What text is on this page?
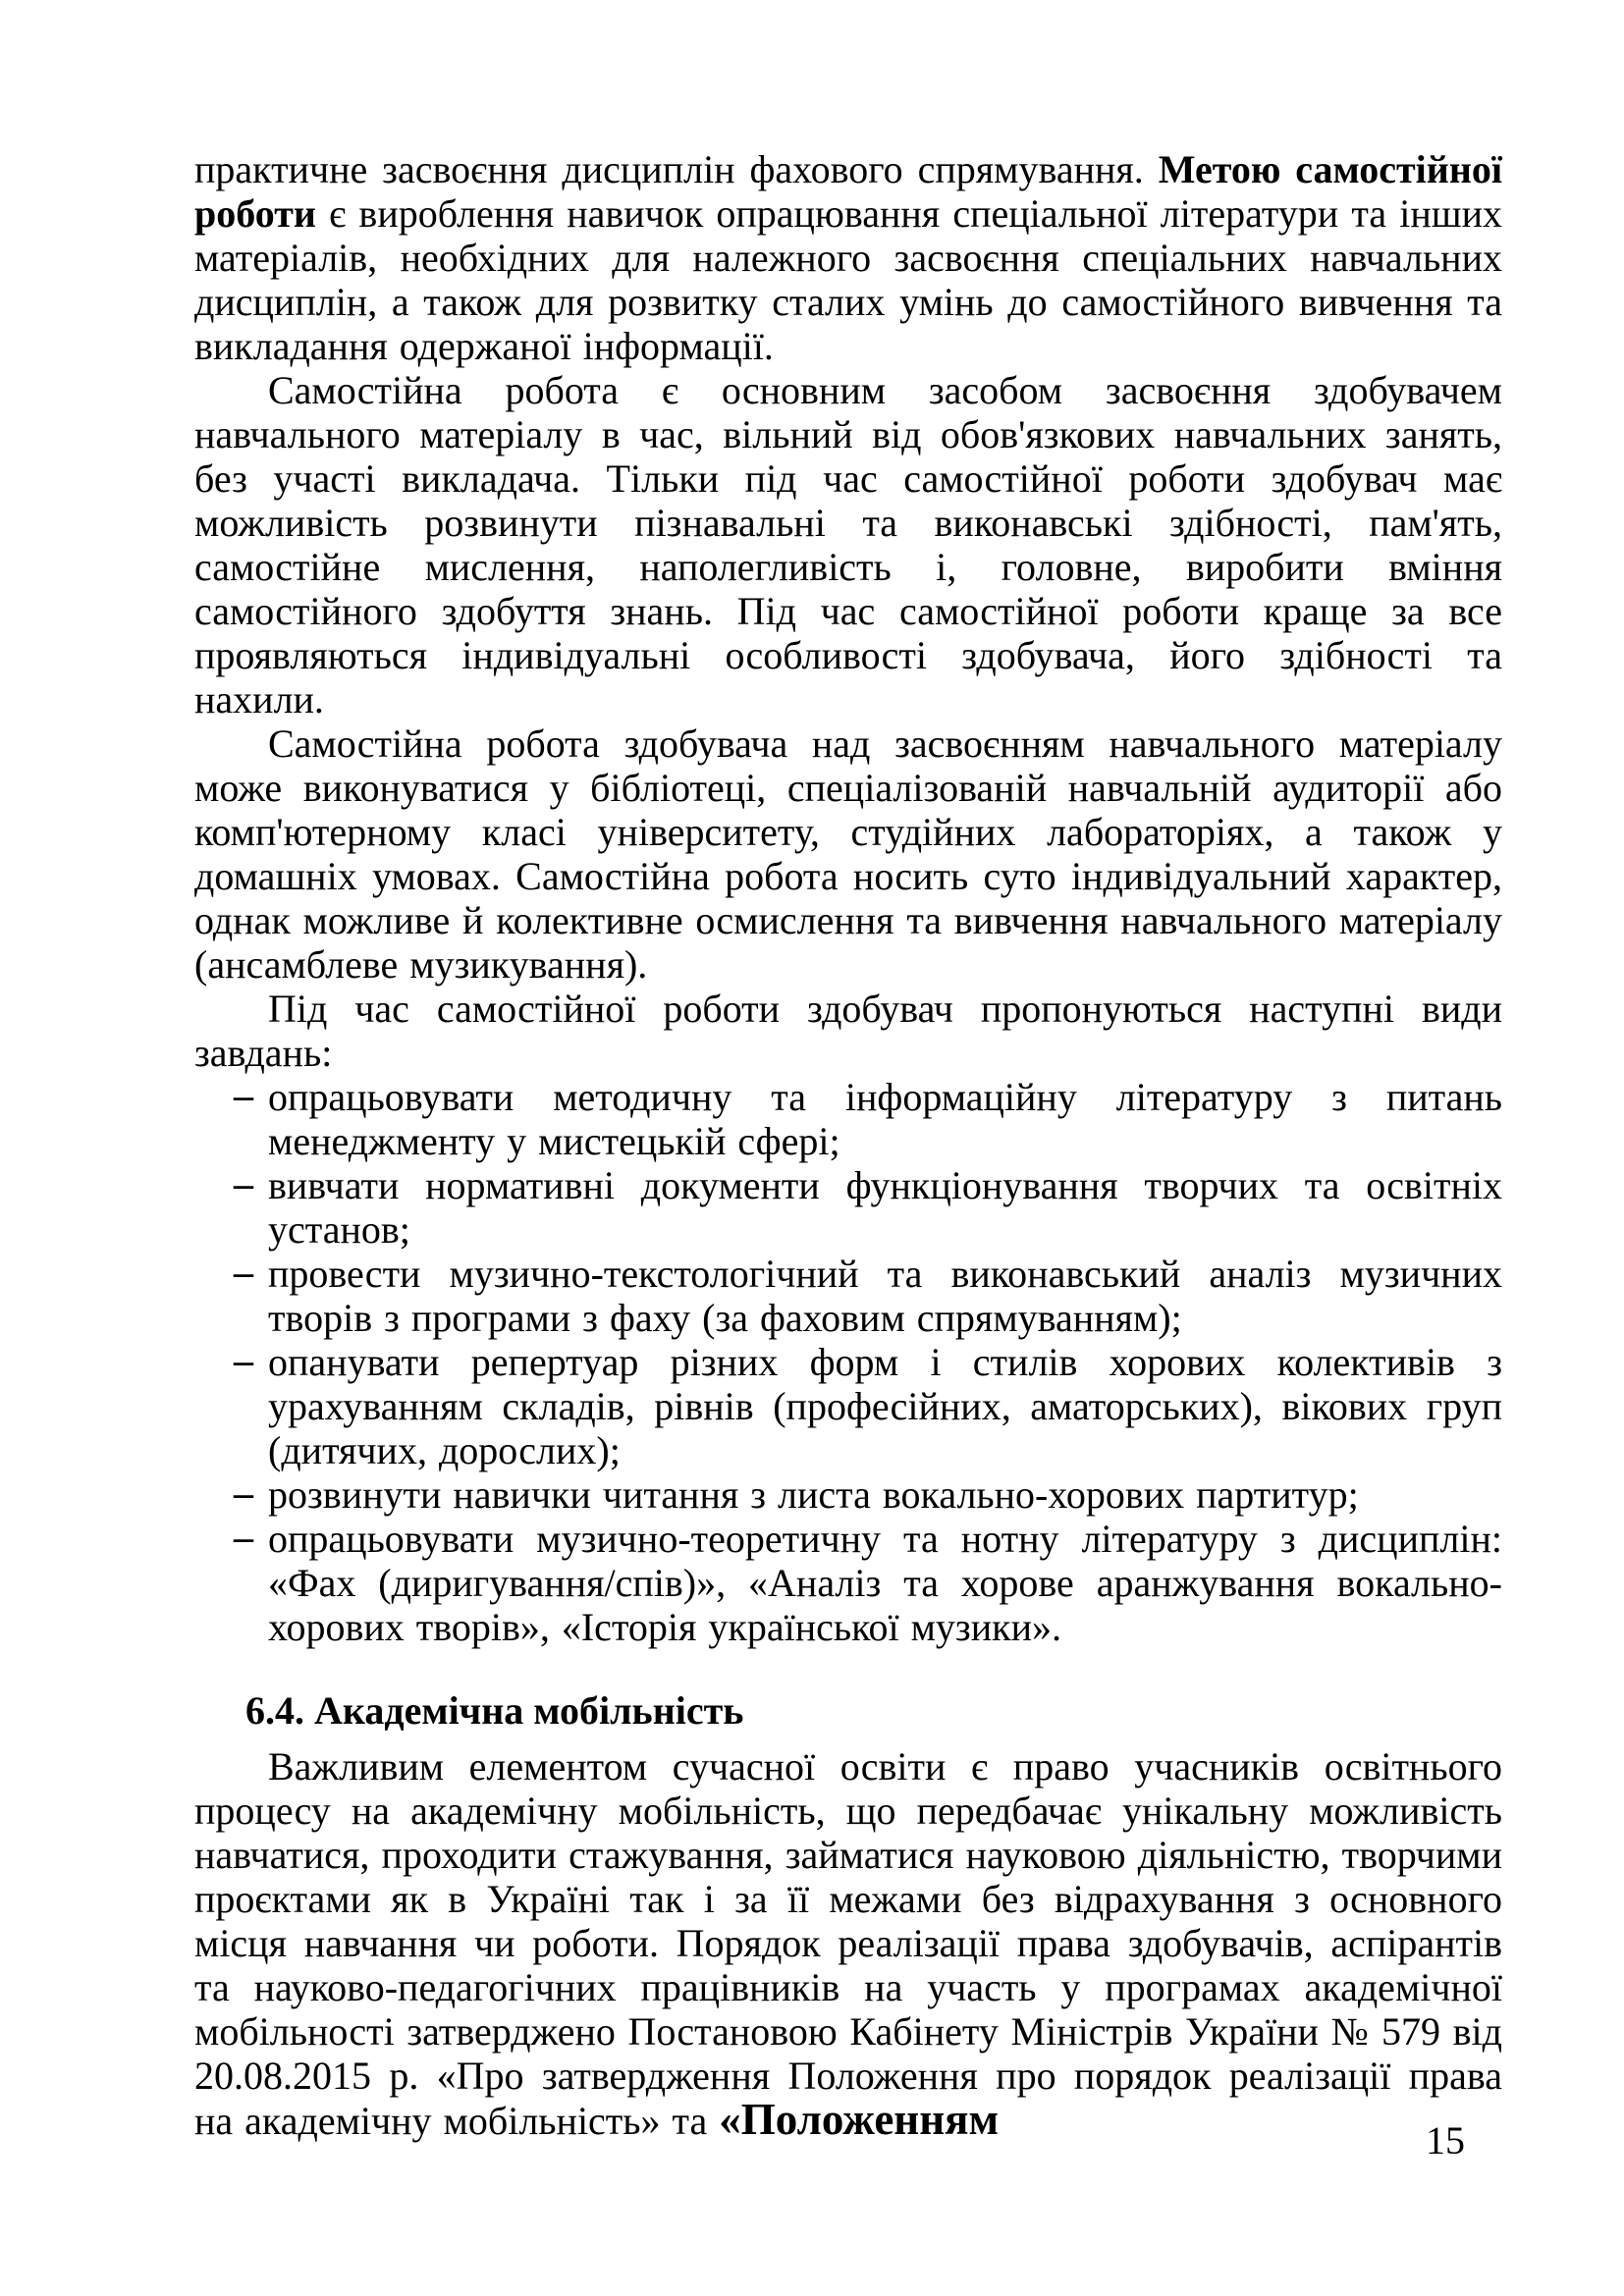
практичне засвоєння дисциплін фахового спрямування. Метою самостійної роботи є вироблення навичок опрацювання спеціальної літератури та інших матеріалів, необхідних для належного засвоєння спеціальних навчальних дисциплін, а також для розвитку сталих умінь до самостійного вивчення та викладання одержаної інформації.

Самостійна робота є основним засобом засвоєння здобувачем навчального матеріалу в час, вільний від обов'язкових навчальних занять, без участі викладача. Тільки під час самостійної роботи здобувач має можливість розвинути пізнавальні та виконавські здібності, пам'ять, самостійне мислення, наполегливість і, головне, виробити вміння самостійного здобуття знань. Під час самостійної роботи краще за все проявляються індивідуальні особливості здобувача, його здібності та нахили.

Самостійна робота здобувача над засвоєнням навчального матеріалу може виконуватися у бібліотеці, спеціалізованій навчальній аудиторії або комп'ютерному класі університету, студійних лабораторіях, а також у домашніх умовах. Самостійна робота носить суто індивідуальний характер, однак можливе й колективне осмислення та вивчення навчального матеріалу (ансамблеве музикування).

Під час самостійної роботи здобувач пропонуються наступні види завдань:

– опрацьовувати методичну та інформаційну літературу з питань менеджменту у мистецькій сфері;
– вивчати нормативні документи функціонування творчих та освітніх установ;
– провести музично-текстологічний та виконавський аналіз музичних творів з програми з фаху (за фаховим спрямуванням);
– опанувати репертуар різних форм і стилів хорових колективів з урахуванням складів, рівнів (професійних, аматорських), вікових груп (дитячих, дорослих);
– розвинути навички читання з листа вокально-хорових партитур;
– опрацьовувати музично-теоретичну та нотну літературу з дисциплін: «Фах (диригування/спів)», «Аналіз та хорове аранжування вокально-хорових творів», «Історія української музики».
6.4. Академічна мобільність

Важливим елементом сучасної освіти є право учасників освітнього процесу на академічну мобільність, що передбачає унікальну можливість навчатися, проходити стажування, займатися науковою діяльністю, творчими проєктами як в Україні так і за її межами без відрахування з основного місця навчання чи роботи. Порядок реалізації права здобувачів, аспірантів та науково-педагогічних працівників на участь у програмах академічної мобільності затверджено Постановою Кабінету Міністрів України № 579 від 20.08.2015 р. «Про затвердження Положення про порядок реалізації права на академічну мобільність» та «Положенням	15
